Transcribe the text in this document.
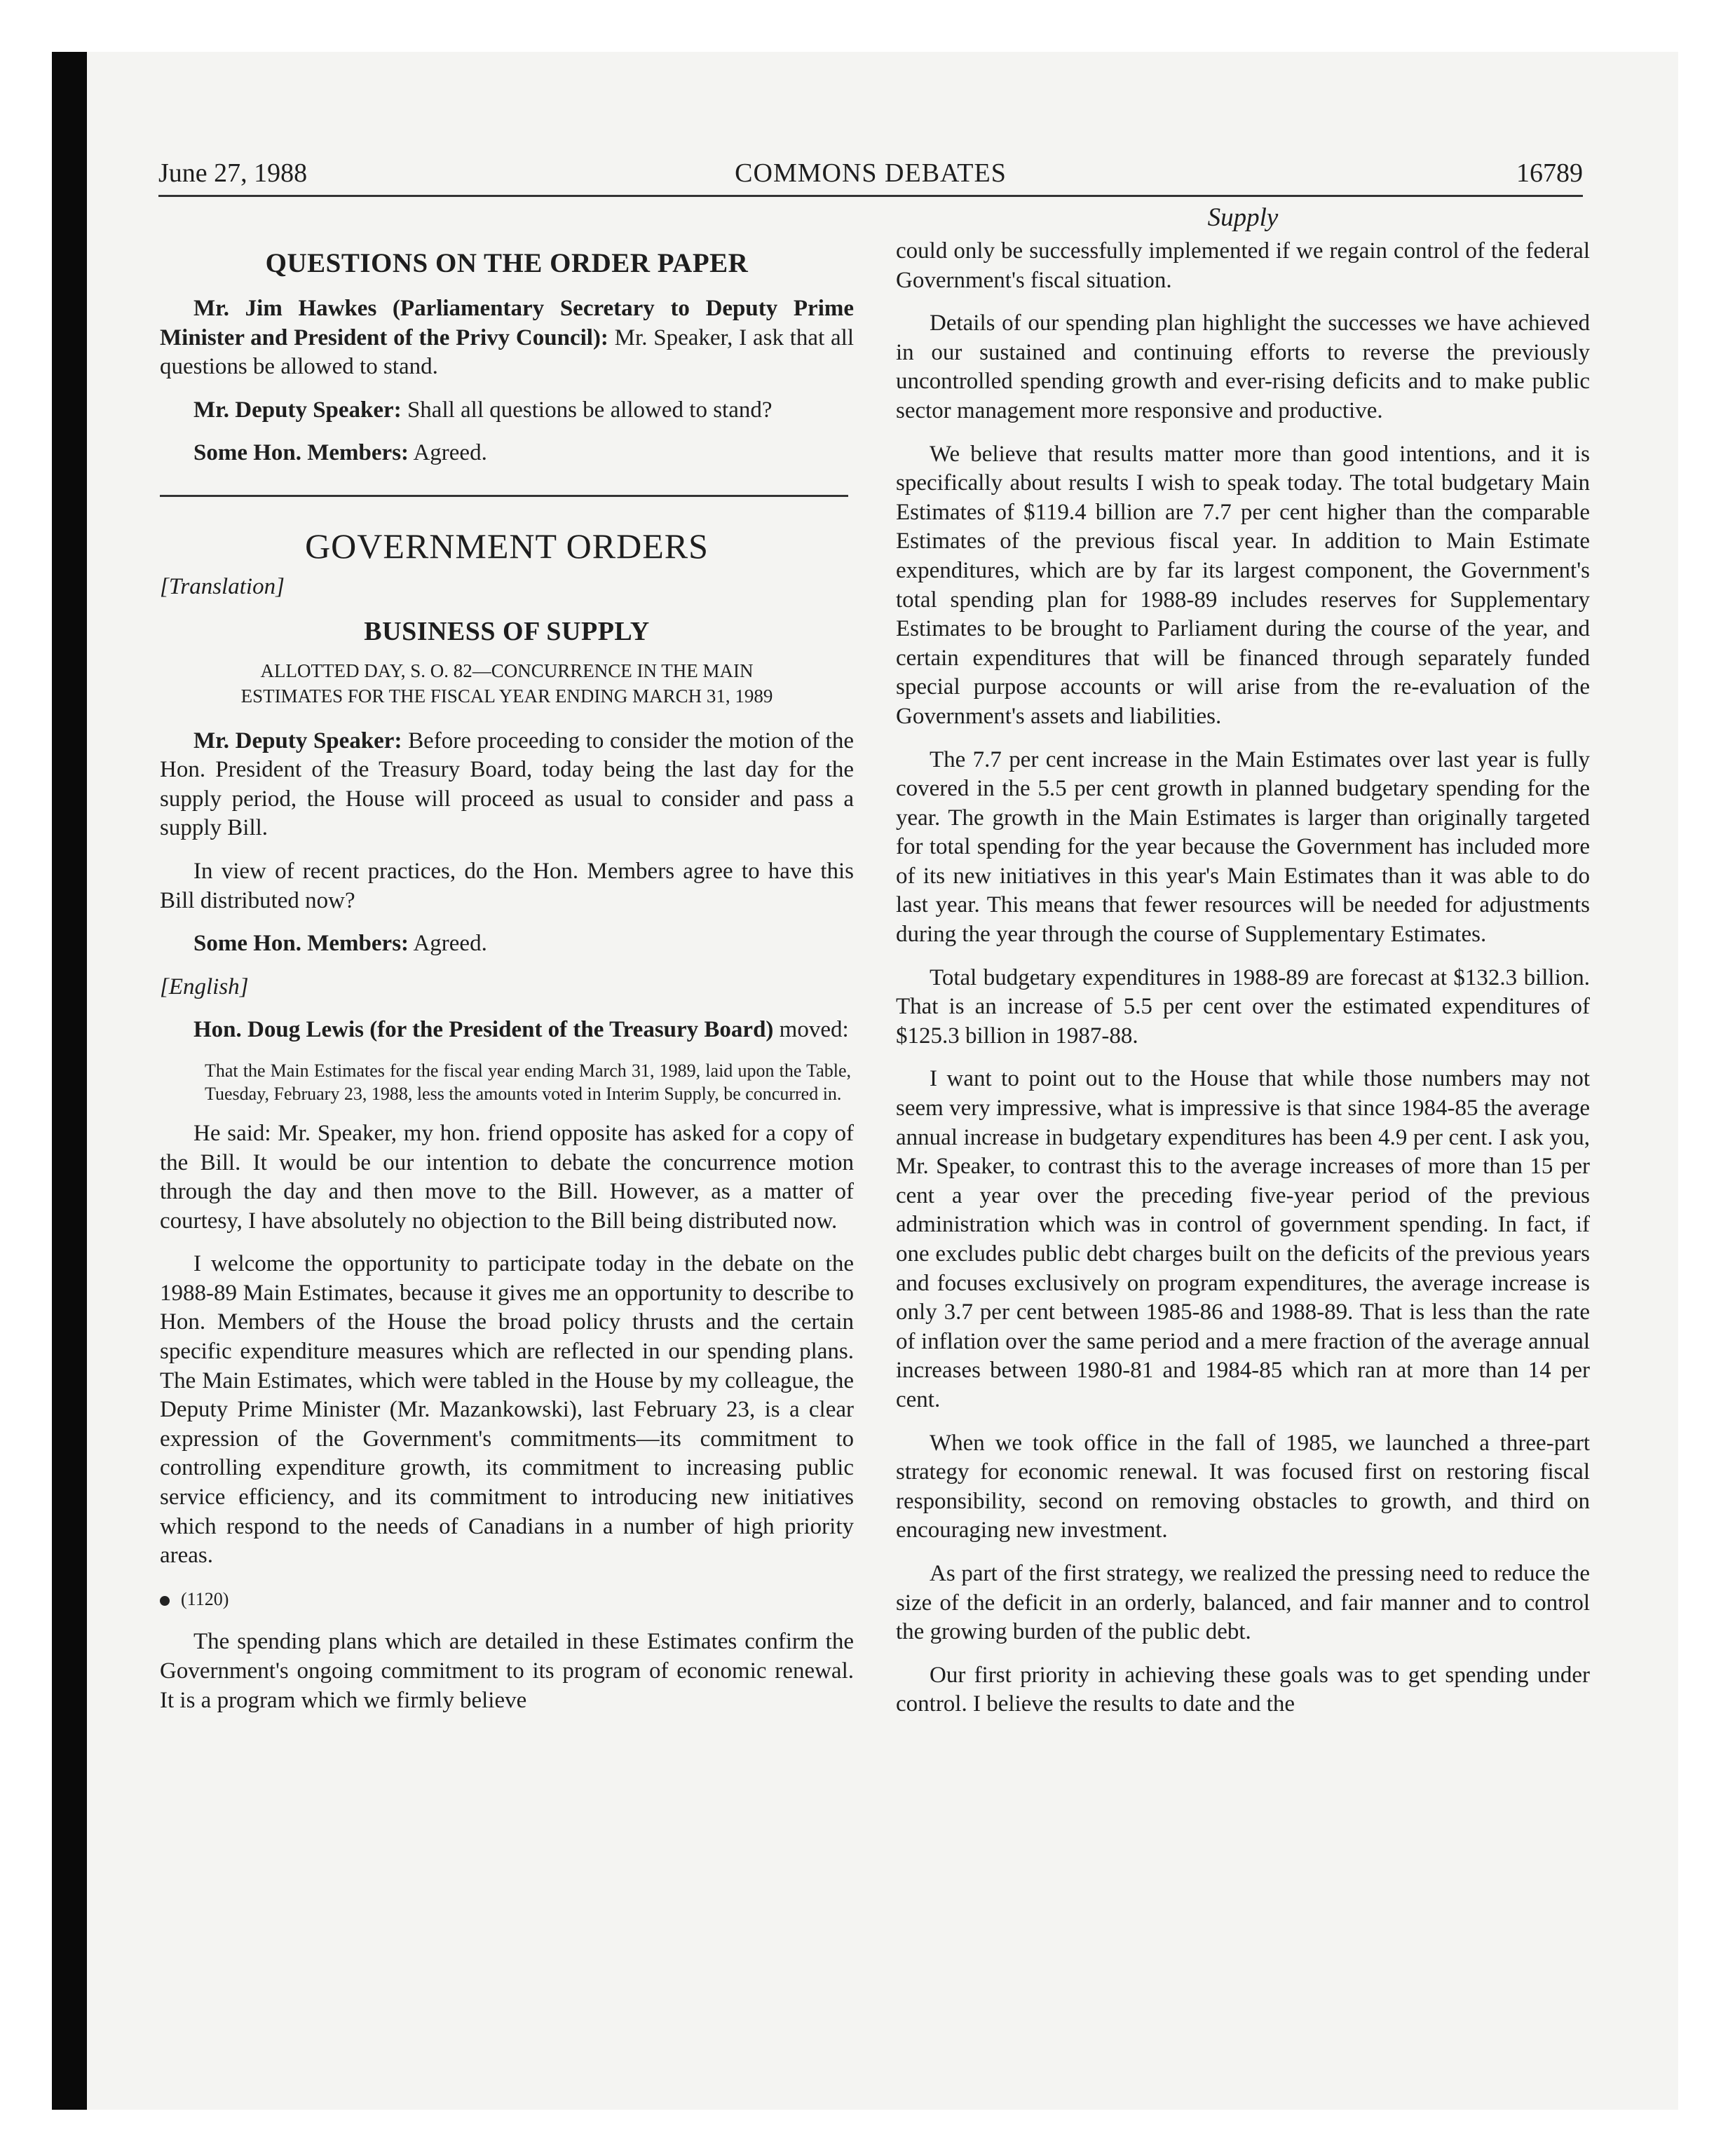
June 27, 1988	COMMONS DEBATES	16789

QUESTIONS ON THE ORDER PAPER

Mr. Jim Hawkes (Parliamentary Secretary to Deputy Prime Minister and President of the Privy Council): Mr. Speaker, I ask that all questions be allowed to stand.

Mr. Deputy Speaker: Shall all questions be allowed to stand?

Some Hon. Members: Agreed.

GOVERNMENT ORDERS

[Translation]

BUSINESS OF SUPPLY

ALLOTTED DAY, S. O. 82—CONCURRENCE IN THE MAIN

ESTIMATES FOR THE FISCAL YEAR ENDING MARCH 31, 1989

Mr. Deputy Speaker: Before proceeding to consider the motion of the Hon. President of the Treasury Board, today being the last day for the supply period, the House will proceed as usual to consider and pass a supply Bill.

In view of recent practices, do the Hon. Members agree to have this Bill distributed now?

Some Hon. Members: Agreed.

[English]

Hon. Doug Lewis (for the President of the Treasury Board) moved:

That the Main Estimates for the fiscal year ending March 31, 1989, laid upon the Table, Tuesday, February 23, 1988, less the amounts voted in Interim Supply, be concurred in.

He said: Mr. Speaker, my hon. friend opposite has asked for a copy of the Bill. It would be our intention to debate the concurrence motion through the day and then move to the Bill. However, as a matter of courtesy, I have absolutely no objection to the Bill being distributed now.

I welcome the opportunity to participate today in the debate on the 1988-89 Main Estimates, because it gives me an opportunity to describe to Hon. Members of the House the broad policy thrusts and the certain specific expenditure measures which are reflected in our spending plans. The Main Estimates, which were tabled in the House by my colleague, the Deputy Prime Minister (Mr. Mazankowski), last February 23, is a clear expression of the Government's commitments—its commitment to controlling expenditure growth, its commitment to increasing public service efficiency, and its commitment to introducing new initiatives which respond to the needs of Canadians in a number of high priority areas.

(1120)

The spending plans which are detailed in these Estimates confirm the Government's ongoing commitment to its program of economic renewal. It is a program which we firmly believe

Supply

could only be successfully implemented if we regain control of the federal Government's fiscal situation.

Details of our spending plan highlight the successes we have achieved in our sustained and continuing efforts to reverse the previously uncontrolled spending growth and ever-rising deficits and to make public sector management more responsive and productive.

We believe that results matter more than good intentions, and it is specifically about results I wish to speak today. The total budgetary Main Estimates of $119.4 billion are 7.7 per cent higher than the comparable Estimates of the previous fiscal year. In addition to Main Estimate expenditures, which are by far its largest component, the Government's total spending plan for 1988-89 includes reserves for Supplementary Estimates to be brought to Parliament during the course of the year, and certain expenditures that will be financed through separately funded special purpose accounts or will arise from the re-evaluation of the Government's assets and liabilities.

The 7.7 per cent increase in the Main Estimates over last year is fully covered in the 5.5 per cent growth in planned budgetary spending for the year. The growth in the Main Estimates is larger than originally targeted for total spending for the year because the Government has included more of its new initiatives in this year's Main Estimates than it was able to do last year. This means that fewer resources will be needed for adjustments during the year through the course of Supplementary Estimates.

Total budgetary expenditures in 1988-89 are forecast at $132.3 billion. That is an increase of 5.5 per cent over the estimated expenditures of $125.3 billion in 1987-88.

I want to point out to the House that while those numbers may not seem very impressive, what is impressive is that since 1984-85 the average annual increase in budgetary expenditures has been 4.9 per cent. I ask you, Mr. Speaker, to contrast this to the average increases of more than 15 per cent a year over the preceding five-year period of the previous administration which was in control of government spending. In fact, if one excludes public debt charges built on the deficits of the previous years and focuses exclusively on program expenditures, the average increase is only 3.7 per cent between 1985-86 and 1988-89. That is less than the rate of inflation over the same period and a mere fraction of the average annual increases between 1980-81 and 1984-85 which ran at more than 14 per cent.

When we took office in the fall of 1985, we launched a three-part strategy for economic renewal. It was focused first on restoring fiscal responsibility, second on removing obstacles to growth, and third on encouraging new investment.

As part of the first strategy, we realized the pressing need to reduce the size of the deficit in an orderly, balanced, and fair manner and to control the growing burden of the public debt.

Our first priority in achieving these goals was to get spending under control. I believe the results to date and the
